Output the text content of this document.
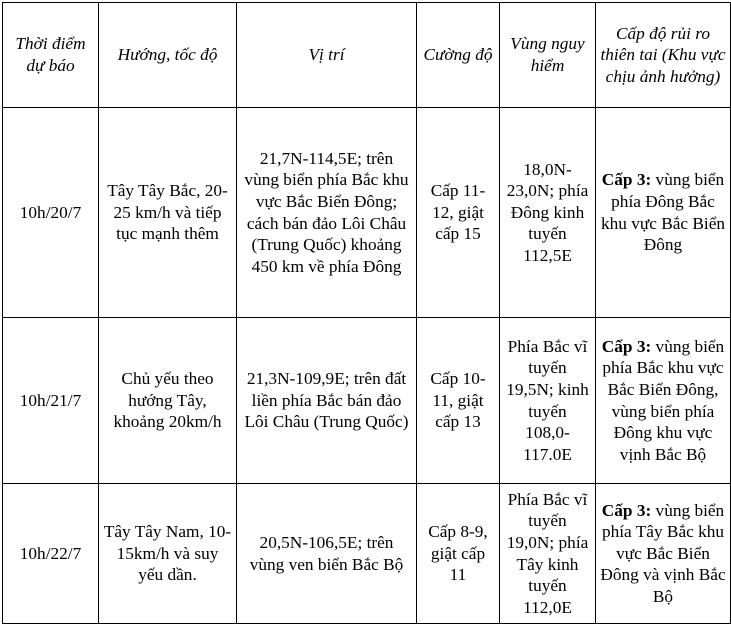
Thời điểm dự báo	Hướng, tốc độ	Vị trí	Cường độ	Vùng nguy hiểm	Cấp độ rủi ro thiên tai (Khu vực chịu ảnh hưởng)
10h/20/7	Tây Tây Bắc, 20-25 km/h và tiếp tục mạnh thêm	21,7N-114,5E; trên vùng biển phía Bắc khu vực Bắc Biển Đông; cách bán đảo Lôi Châu (Trung Quốc) khoảng 450 km về phía Đông	Cấp 11-12, giật cấp 15	18,0N-23,0N; phía Đông kinh tuyến 112,5E	Cấp 3: vùng biển phía Đông Bắc khu vực Bắc Biển Đông
10h/21/7	Chủ yếu theo hướng Tây, khoảng 20km/h	21,3N-109,9E; trên đất liền phía Bắc bán đảo Lôi Châu (Trung Quốc)	Cấp 10-11, giật cấp 13	Phía Bắc vĩ tuyến 19,5N; kinh tuyến 108,0-117.0E	Cấp 3: vùng biển phía Bắc khu vực Bắc Biển Đông, vùng biển phía Đông khu vực vịnh Bắc Bộ
10h/22/7	Tây Tây Nam, 10-15km/h và suy yếu dần.	20,5N-106,5E; trên vùng ven biển Bắc Bộ	Cấp 8-9, giật cấp 11	Phía Bắc vĩ tuyến 19,0N; phía Tây kinh tuyến 112,0E	Cấp 3: vùng biển phía Tây Bắc khu vực Bắc Biển Đông và vịnh Bắc Bộ
